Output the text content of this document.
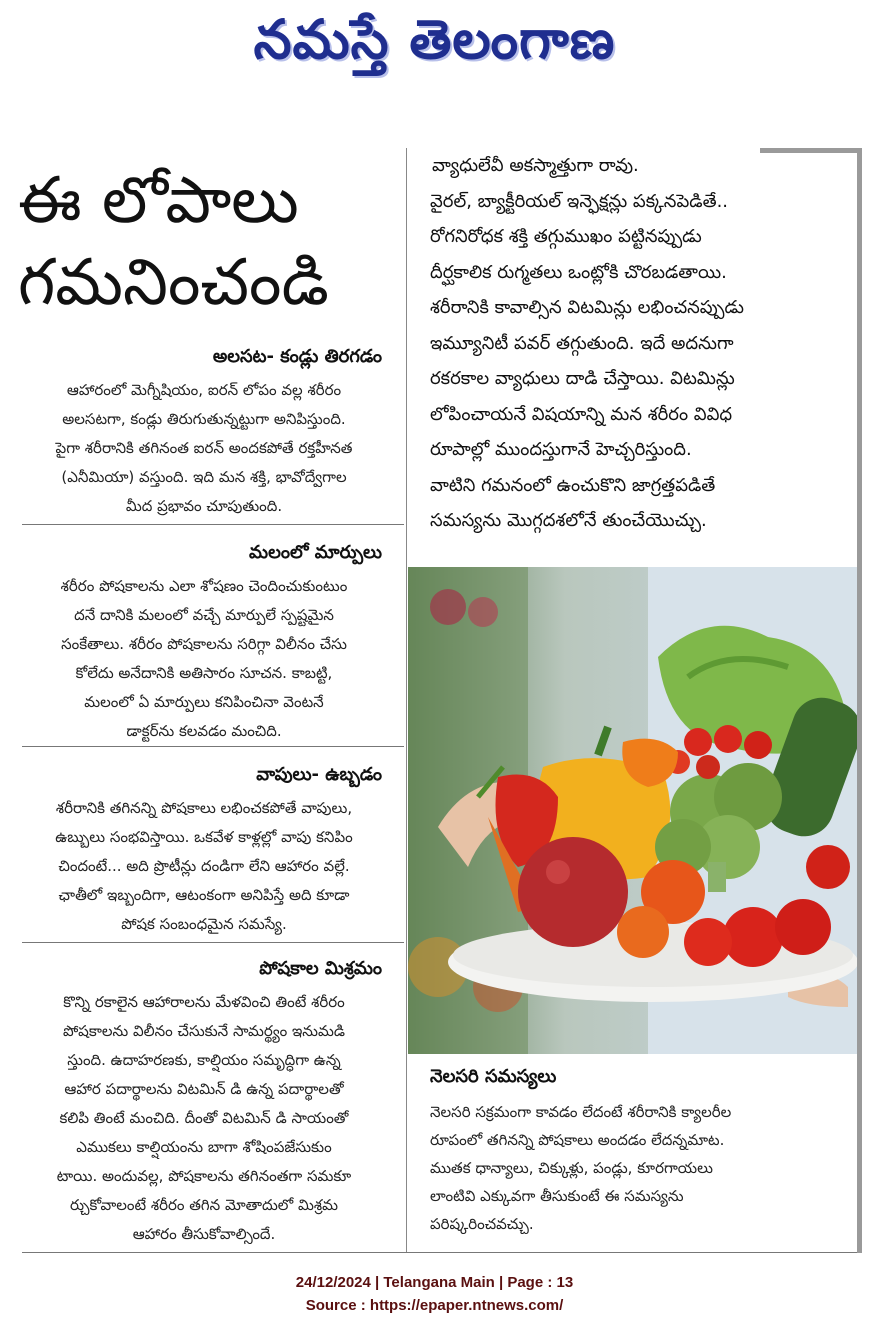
నమస్తే తెలంగాణ
ఈ లోపాలు
గమనించండి
అలసట- కండ్లు తిరగడం
ఆహారంలో మెగ్నీషియం, ఐరన్ లోపం వల్ల శరీరం
అలసటగా, కండ్లు తిరుగుతున్నట్టుగా అనిపిస్తుంది.
పైగా శరీరానికి తగినంత ఐరన్ అందకపోతే రక్తహీనత
(ఎనీమియా) వస్తుంది. ఇది మన శక్తి, భావోద్వేగాల
మీద ప్రభావం చూపుతుంది.
మలంలో మార్పులు
శరీరం పోషకాలను ఎలా శోషణం చెందించుకుంటుం
దనే దానికి మలంలో వచ్చే మార్పులే స్పష్టమైన
సంకేతాలు. శరీరం పోషకాలను సరిగ్గా విలీనం చేసు
కోలేదు అనేదానికి అతిసారం సూచన. కాబట్టి,
మలంలో ఏ మార్పులు కనిపించినా వెంటనే
డాక్టర్‌ను కలవడం మంచిది.
వాపులు- ఉబ్బడం
శరీరానికి తగినన్ని పోషకాలు లభించకపోతే వాపులు,
ఉబ్బులు సంభవిస్తాయి. ఒకవేళ కాళ్లల్లో వాపు కనిపిం
చిందంటే... అది ప్రొటీన్లు దండిగా లేని ఆహారం వల్లే.
ఛాతీలో ఇబ్బందిగా, ఆటంకంగా అనిపిస్తే అది కూడా
పోషక సంబంధమైన సమస్యే.
పోషకాల మిశ్రమం
కొన్ని రకాలైన ఆహారాలను మేళవించి తింటే శరీరం
పోషకాలను విలీనం చేసుకునే సామర్థ్యం ఇనుమడి
స్తుంది. ఉదాహరణకు, కాల్షియం సమృద్ధిగా ఉన్న
ఆహార పదార్థాలను విటమిన్ డి ఉన్న పదార్థాలతో
కలిపి తింటే మంచిది. దీంతో విటమిన్ డి సాయంతో
ఎముకలు కాల్షియంను బాగా శోషింపజేసుకుం
టాయి. అందువల్ల, పోషకాలను తగినంతగా సమకూ
ర్చుకోవాలంటే శరీరం తగిన మోతాదులో మిశ్రమ
ఆహారం తీసుకోవాల్సిందే.
వ్యాధులేవీ అకస్మాత్తుగా రావు.
వైరల్, బ్యాక్టీరియల్ ఇన్ఫెక్షన్లు పక్కనపెడితే..
రోగనిరోధక శక్తి తగ్గుముఖం పట్టినప్పుడు
దీర్ఘకాలిక రుగ్మతలు ఒంట్లోకి చొరబడతాయి.
శరీరానికి కావాల్సిన విటమిన్లు లభించనప్పుడు
ఇమ్యూనిటీ పవర్ తగ్గుతుంది. ఇదే అదనుగా
రకరకాల వ్యాధులు దాడి చేస్తాయి. విటమిన్లు
లోపించాయనే విషయాన్ని మన శరీరం వివిధ
రూపాల్లో ముందస్తుగానే హెచ్చరిస్తుంది.
వాటిని గమనంలో ఉంచుకొని జాగ్రత్తపడితే
సమస్యను మొగ్గదశలోనే తుంచేయొచ్చు.
నెలసరి సమస్యలు
నెలసరి సక్రమంగా కావడం లేదంటే శరీరానికి క్యాలరీల
రూపంలో తగినన్ని పోషకాలు అందడం లేదన్నమాట.
ముతక ధాన్యాలు, చిక్కుళ్లు, పండ్లు, కూరగాయలు
లాంటివి ఎక్కువగా తీసుకుంటే ఈ సమస్యను
పరిష్కరించవచ్చు.
24/12/2024 | Telangana Main | Page : 13
Source : https://epaper.ntnews.com/
